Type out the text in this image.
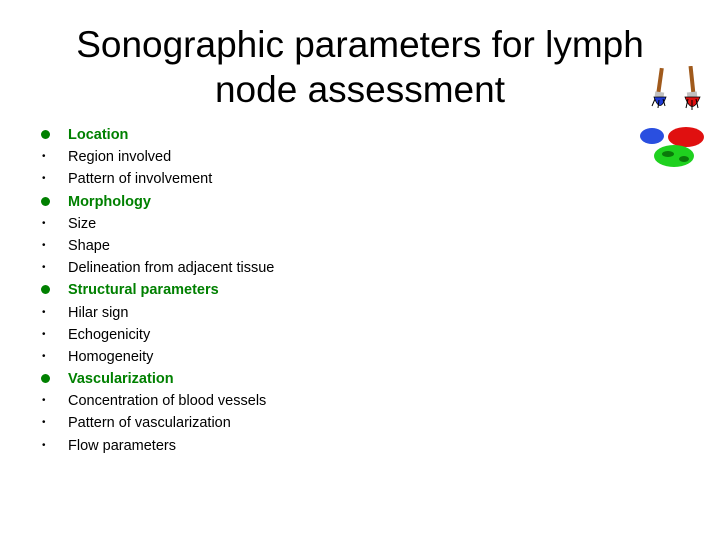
Sonographic parameters for lymph node assessment
Location
•	Region involved
•	Pattern of involvement
Morphology
•	Size
•	Shape
•	Delineation from adjacent tissue
Structural parameters
•	Hilar sign
•	Echogenicity
•	Homogeneity
Vascularization
•	Concentration of blood vessels
•	Pattern of vascularization
•	Flow parameters
